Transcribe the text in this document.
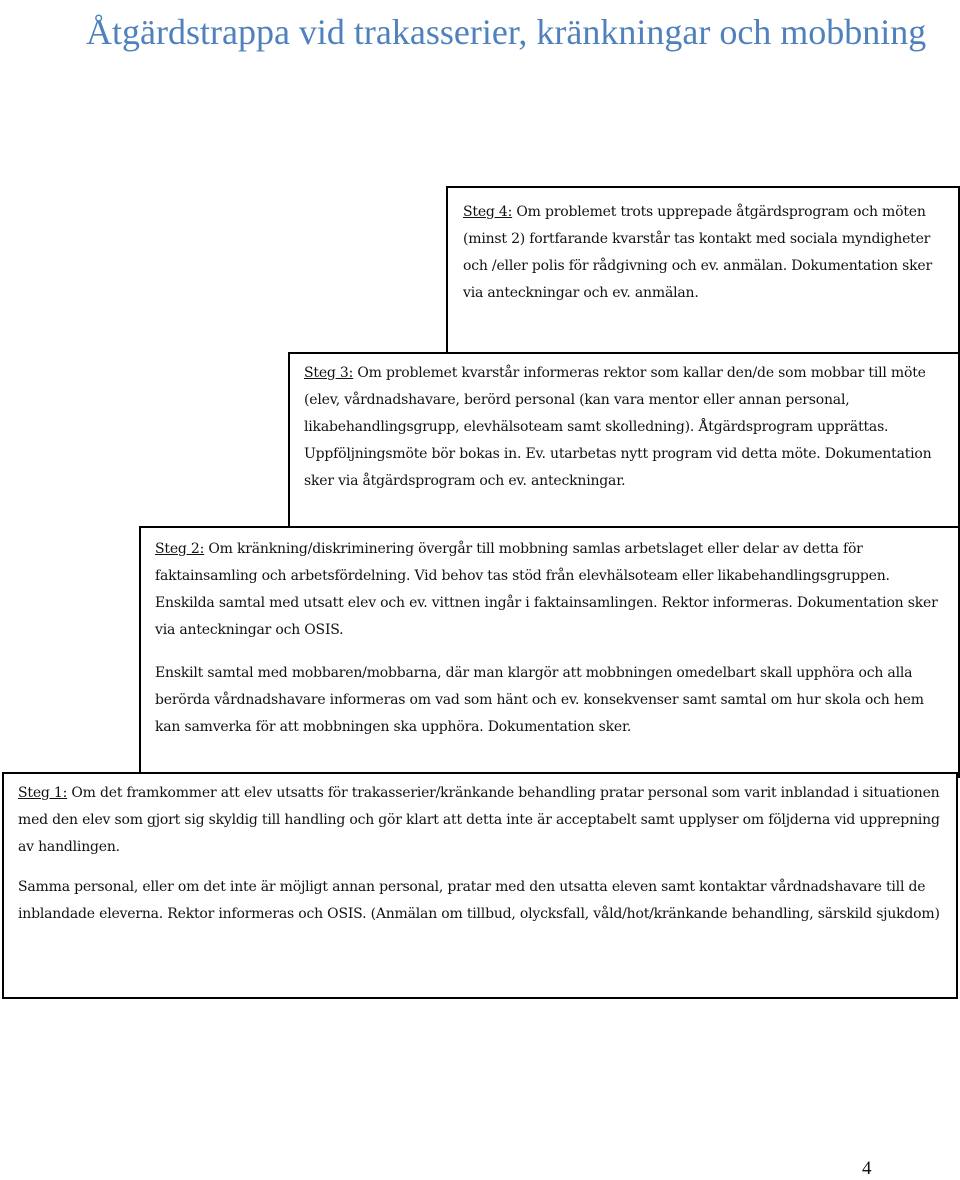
Åtgärdstrappa vid trakasserier, kränkningar och mobbning

Steg 4: Om problemet trots upprepade åtgärdsprogram och möten (minst 2) fortfarande kvarstår tas kontakt med sociala myndigheter och /eller polis för rådgivning och ev. anmälan. Dokumentation sker via anteckningar och ev. anmälan.

Steg 3: Om problemet kvarstår informeras rektor som kallar den/de som mobbar till möte (elev, vårdnadshavare, berörd personal (kan vara mentor eller annan personal, likabehandlingsgrupp, elevhälsoteam samt skolledning). Åtgärdsprogram upprättas. Uppföljningsmöte bör bokas in. Ev. utarbetas nytt program vid detta möte. Dokumentation sker via åtgärdsprogram och ev. anteckningar.

Steg 2: Om kränkning/diskriminering övergår till mobbning samlas arbetslaget eller delar av detta för faktainsamling och arbetsfördelning. Vid behov tas stöd från elevhälsoteam eller likabehandlingsgruppen. Enskilda samtal med utsatt elev och ev. vittnen ingår i faktainsamlingen. Rektor informeras. Dokumentation sker via anteckningar och OSIS.

Enskilt samtal med mobbaren/mobbarna, där man klargör att mobbningen omedelbart skall upphöra och alla berörda vårdnadshavare informeras om vad som hänt och ev. konsekvenser samt samtal om hur skola och hem kan samverka för att mobbningen ska upphöra. Dokumentation sker.

Steg 1: Om det framkommer att elev utsatts för trakasserier/kränkande behandling pratar personal som varit inblandad i situationen med den elev som gjort sig skyldig till handling och gör klart att detta inte är acceptabelt samt upplyser om följderna vid upprepning av handlingen.

Samma personal, eller om det inte är möjligt annan personal, pratar med den utsatta eleven samt kontaktar vårdnadshavare till de inblandade eleverna. Rektor informeras och OSIS. (Anmälan om tillbud, olycksfall, våld/hot/kränkande behandling, särskild sjukdom)

4
